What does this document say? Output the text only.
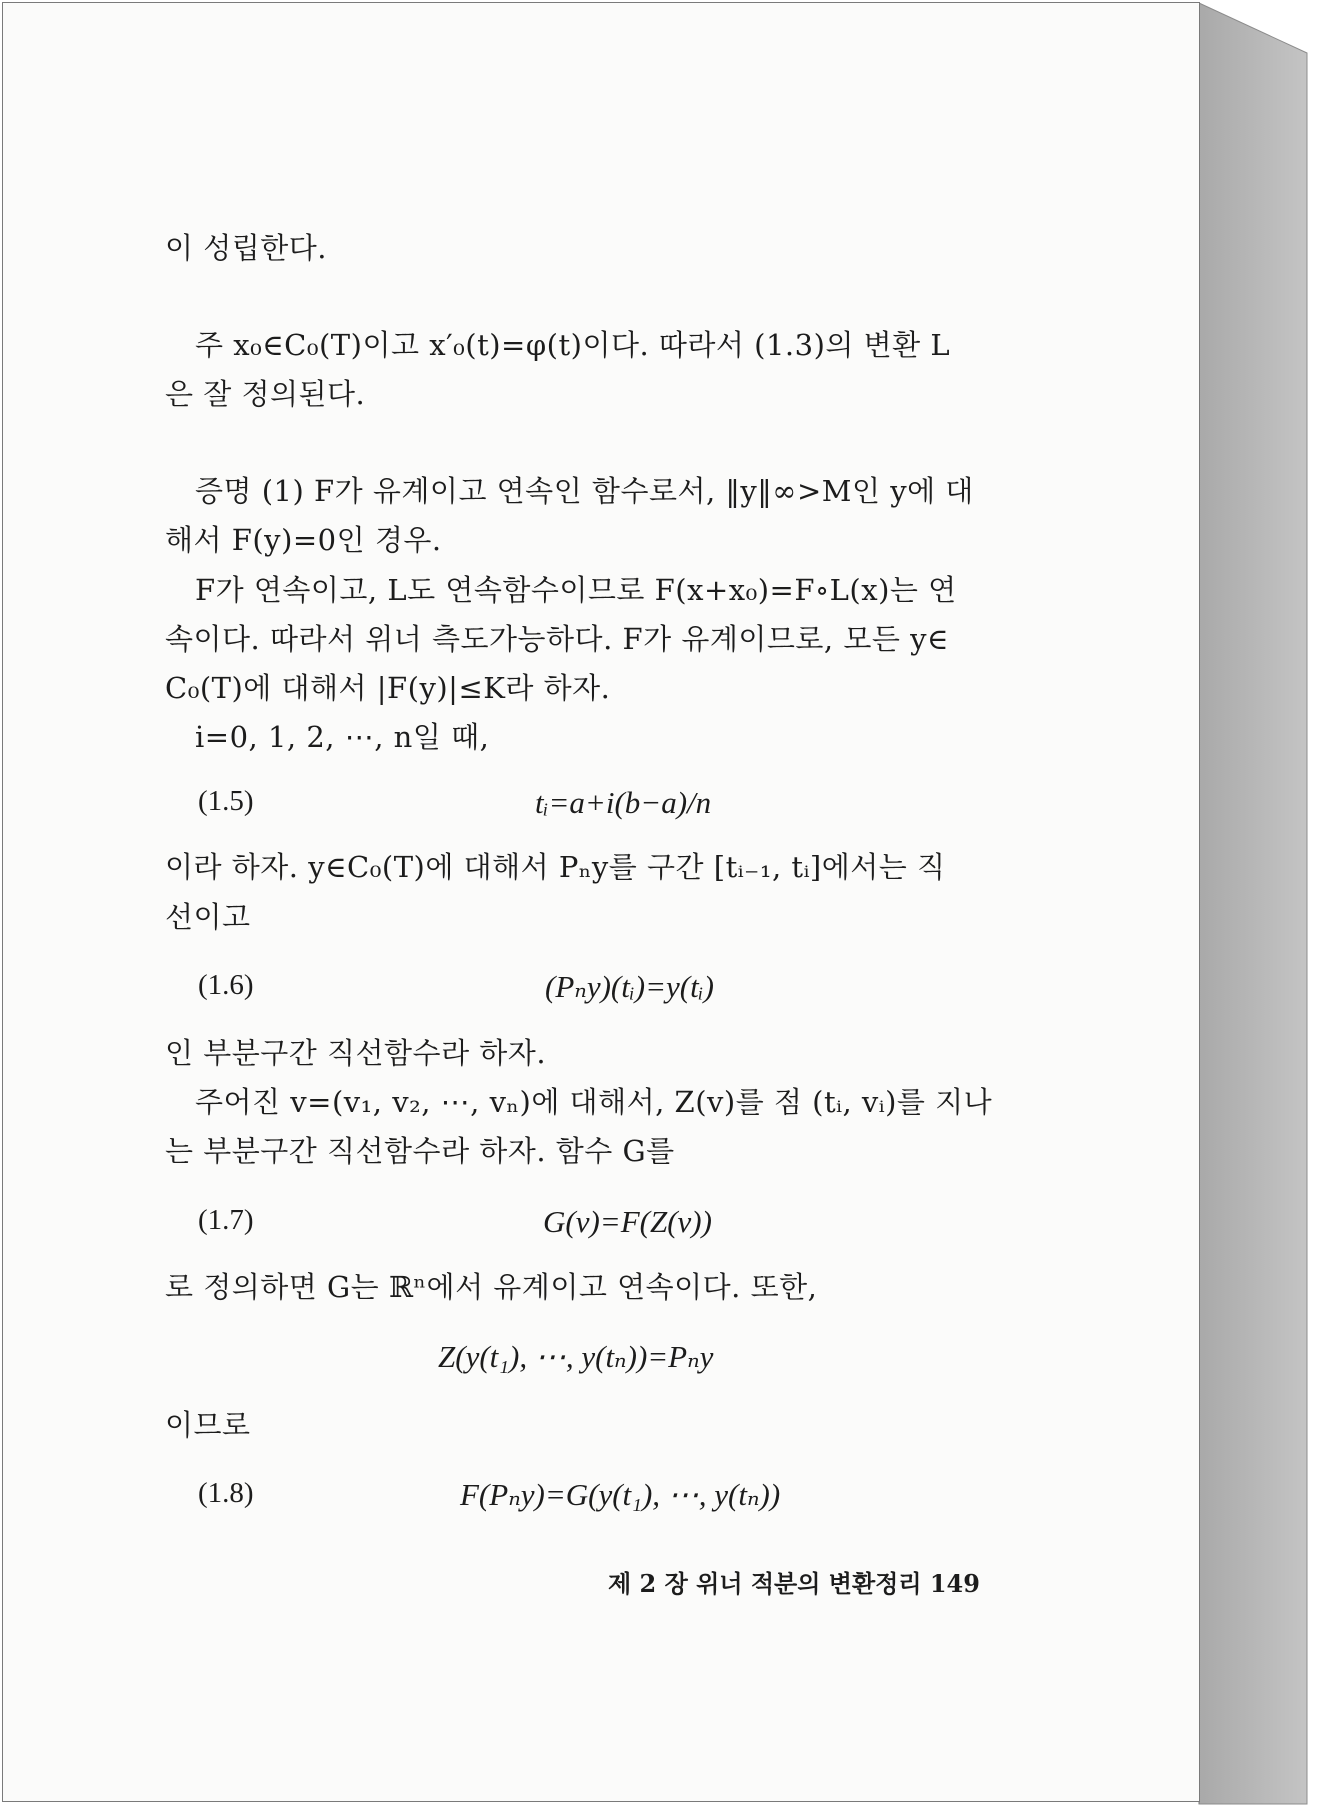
이 성립한다.
주 x₀∈C₀(T)이고 x′₀(t)=φ(t)이다. 따라서 (1.3)의 변환 L
은 잘 정의된다.
증명 (1) F가 유계이고 연속인 함수로서, ‖y‖∞>M인 y에 대
해서 F(y)=0인 경우.
F가 연속이고, L도 연속함수이므로 F(x+x₀)=F∘L(x)는 연
속이다. 따라서 위너 측도가능하다. F가 유계이므로, 모든 y∈
C₀(T)에 대해서 |F(y)|≤K라 하자.
i=0, 1, 2, ⋯, n일 때,
(1.5)	tᵢ=a+i(b−a)/n
이라 하자. y∈C₀(T)에 대해서 Pₙy를 구간 [tᵢ₋₁, tᵢ]에서는 직
선이고
(1.6)	(Pₙy)(tᵢ)=y(tᵢ)
인 부분구간 직선함수라 하자.
주어진 v=(v₁, v₂, ⋯, vₙ)에 대해서, Z(v)를 점 (tᵢ, vᵢ)를 지나
는 부분구간 직선함수라 하자. 함수 G를
(1.7)	G(v)=F(Z(v))
로 정의하면 G는 ℝⁿ에서 유계이고 연속이다. 또한,
Z(y(t₁), ⋯, y(tₙ))=Pₙy
이므로
(1.8)	F(Pₙy)=G(y(t₁), ⋯, y(tₙ))
제 2 장 위너 적분의 변환정리 149
